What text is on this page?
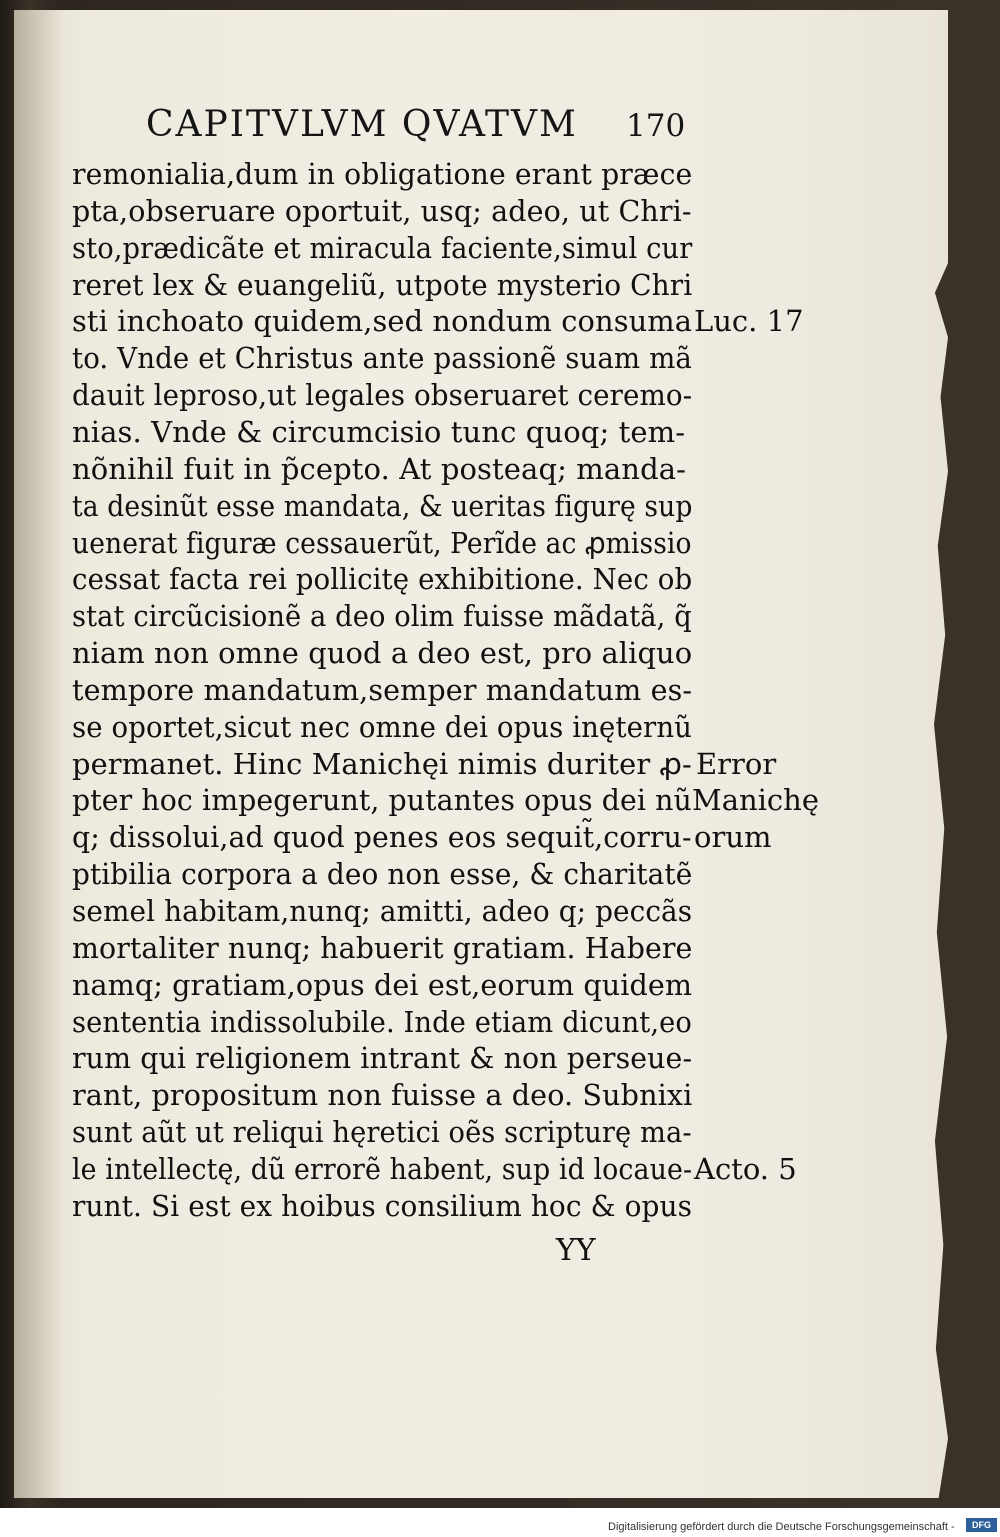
CAPITVLVM QVATVM 170
remonialia,dum in obligatione erant præce
pta,obseruare oportuit, usq; adeo, ut Chri-
sto,prædicãte et miracula faciente,simul cur
reret lex & euangeliũ, utpote mysterio Chri
sti inchoato quidem,sed nondum consuma
to. Vnde et Christus ante passionẽ suam mã
dauit leproso,ut legales obseruaret ceremo-
nias. Vnde & circumcisio tunc quoq; tem-
nõnihil fuit in p̃cepto. At posteaq; manda-
ta desinũt esse mandata, & ueritas figurę sup
uenerat figuræ cessauerũt, Perĩde ac ꝓmissio
cessat facta rei pollicitę exhibitione. Nec ob
stat circũcisionẽ a deo olim fuisse mãdatã, q̃
niam non omne quod a deo est, pro aliquo
tempore mandatum,semper mandatum es-
se oportet,sicut nec omne dei opus inęternũ
permanet. Hinc Manichęi nimis duriter ꝓ-
pter hoc impegerunt, putantes opus dei nũ
q; dissolui,ad quod penes eos sequit̃,corru-
ptibilia corpora a deo non esse, & charitatẽ
semel habitam,nunq; amitti, adeo q; peccãs
mortaliter nunq; habuerit gratiam. Habere
namq; gratiam,opus dei est,eorum quidem
sententia indissolubile. Inde etiam dicunt,eo
rum qui religionem intrant & non perseue-
rant, propositum non fuisse a deo. Subnixi
sunt aũt ut reliqui hęretici oẽs scripturę ma-
le intellectę, dũ errorẽ habent, sup id locaue-
runt. Si est ex hoibus consilium hoc & opus
Luc. 17
Error
Manichę
orum
Acto. 5
YY
Digitalisierung gefördert durch die Deutsche Forschungsgemeinschaft -	DFG
